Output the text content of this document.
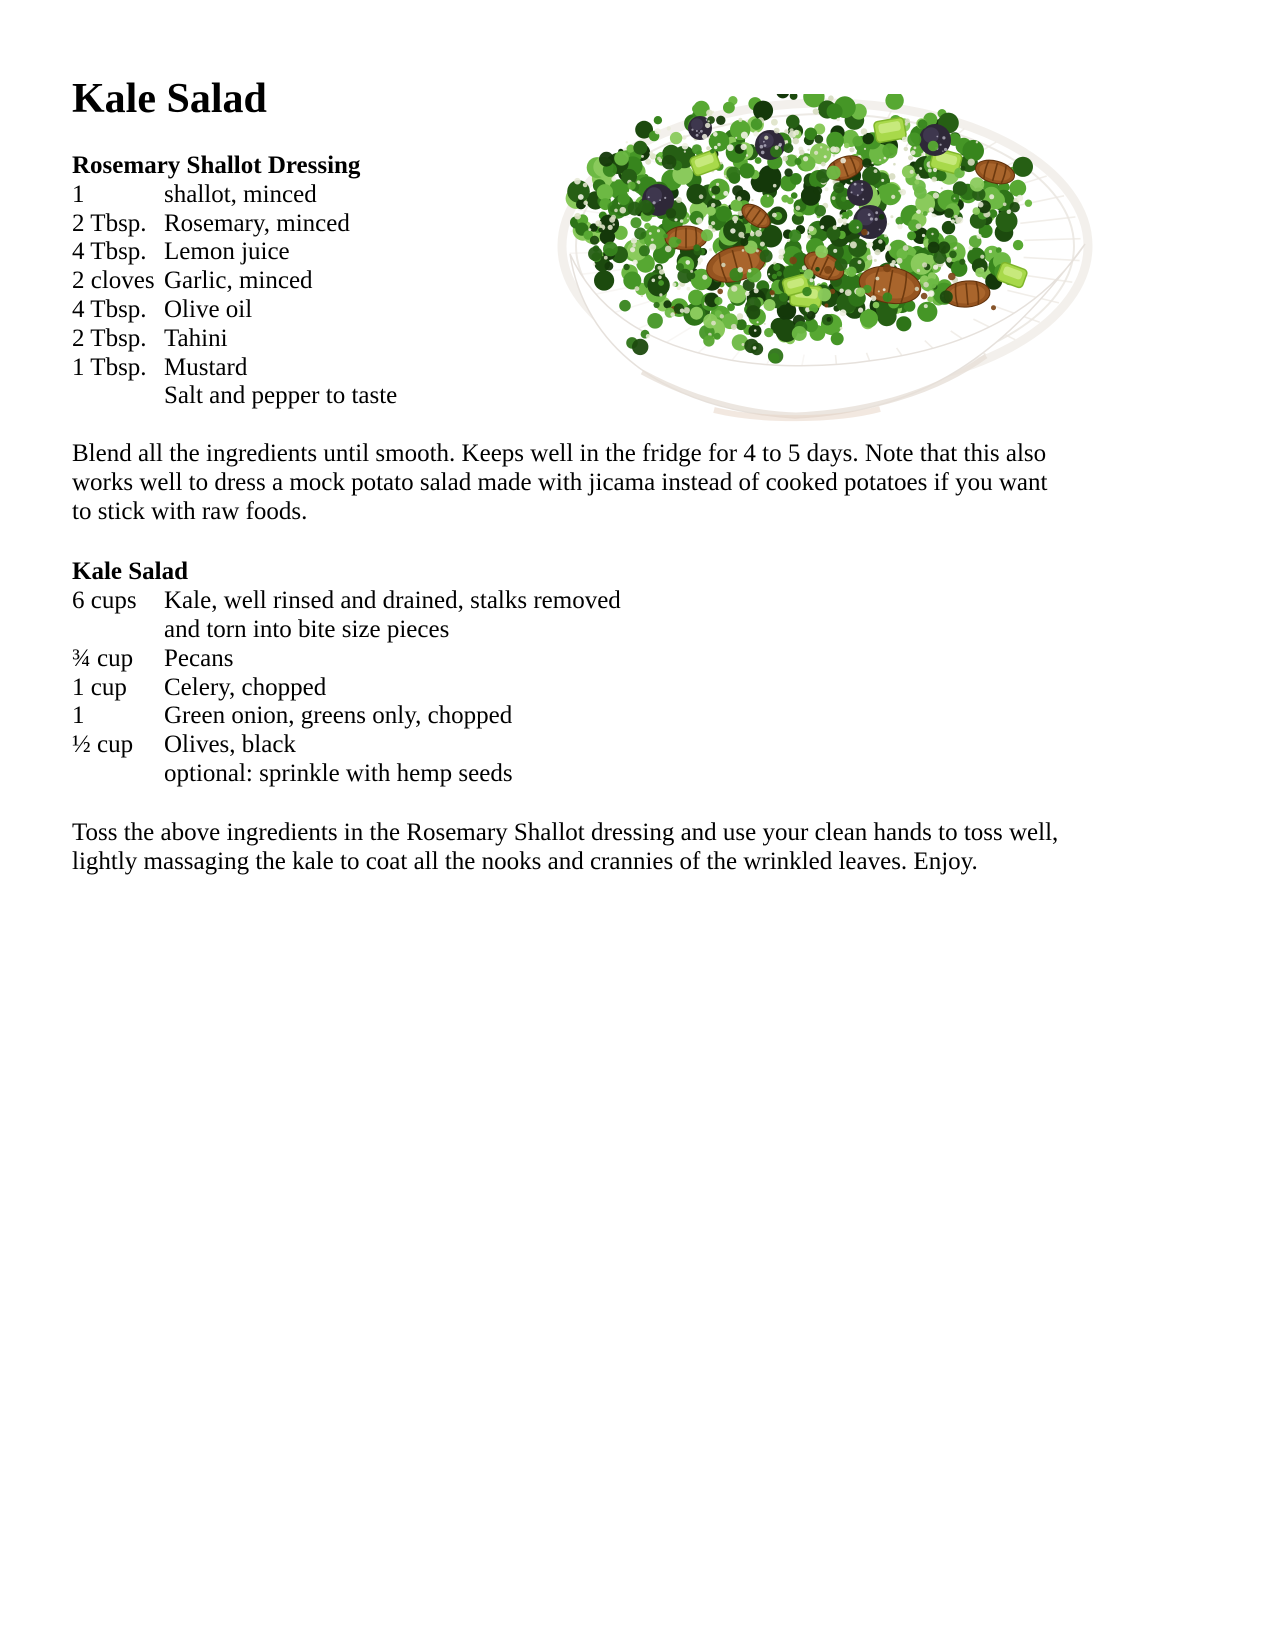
Kale Salad
Rosemary Shallot Dressing
1	shallot, minced
2 Tbsp. Rosemary, minced
4 Tbsp. Lemon juice
2 cloves Garlic, minced
4 Tbsp. Olive oil
2 Tbsp. Tahini
1 Tbsp. Mustard
Salt and pepper to taste

Blend all the ingredients until smooth. Keeps well in the fridge for 4 to 5 days. Note that this also works well to dress a mock potato salad made with jicama instead of cooked potatoes if you want to stick with raw foods.

Kale Salad
6 cups	Kale, well rinsed and drained, stalks removed and torn into bite size pieces
¾ cup	Pecans
1 cup	Celery, chopped
1	Green onion, greens only, chopped
½ cup	Olives, black
optional: sprinkle with hemp seeds

Toss the above ingredients in the Rosemary Shallot dressing and use your clean hands to toss well, lightly massaging the kale to coat all the nooks and crannies of the wrinkled leaves. Enjoy.
